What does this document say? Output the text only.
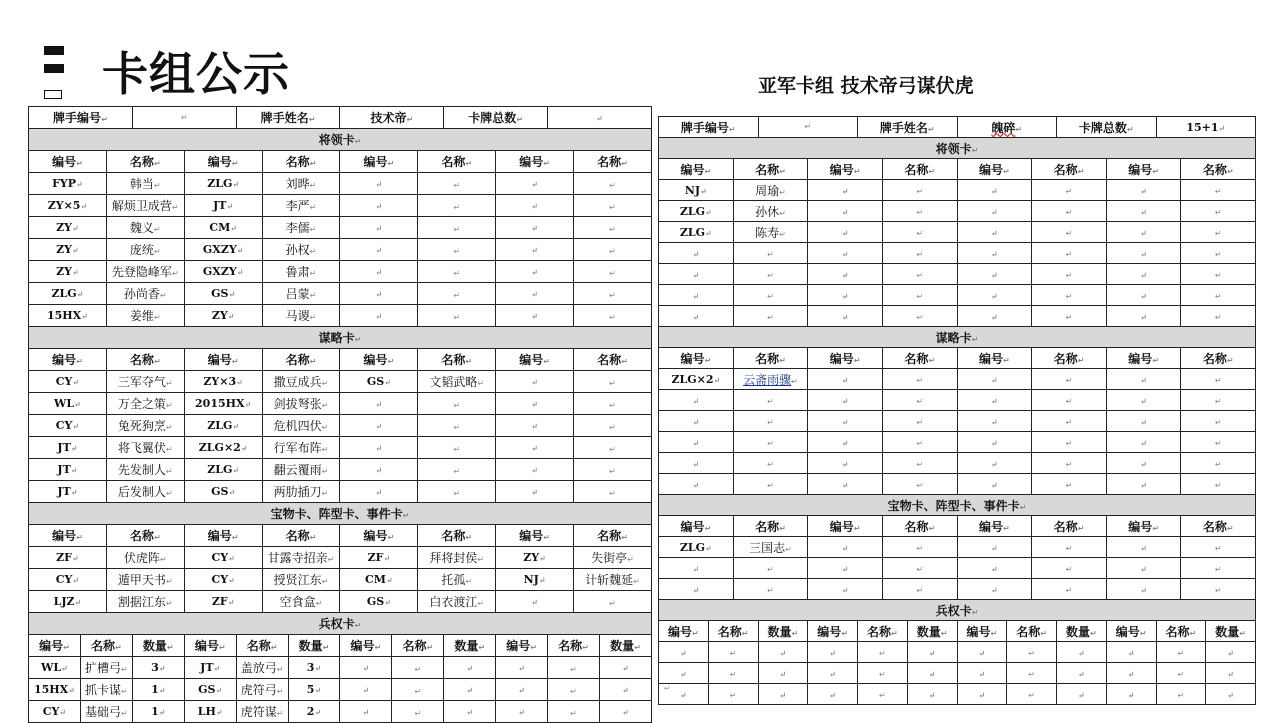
卡组公示	亚军卡组 技术帝弓谋伏虎
牌手编号↵			↵		牌手姓名↵			技术帝↵			卡牌总数↵		↵		
将领卡↵															
编号↵		名称↵		编号↵		名称↵		编号↵		名称↵		编号↵		名称↵	
FYP↵		韩当↵		ZLG↵		刘晔↵		↵		↵		↵		↵	
ZY×5↵		解烦卫成营↵		JT↵		李严↵		↵		↵		↵		↵	
ZY↵		魏义↵		CM↵		李儒↵		↵		↵		↵		↵	
ZY↵		庞统↵		GXZY↵		孙权↵		↵		↵		↵		↵	
ZY↵		先登隐峰军↵		GXZY↵		鲁肃↵		↵		↵		↵		↵	
ZLG↵		孙尚香↵		GS↵		吕蒙↵		↵		↵		↵		↵	
15HX↵		姜维↵		ZY↵		马谡↵		↵		↵		↵		↵	
谋略卡↵															
编号↵		名称↵		编号↵		名称↵		编号↵		名称↵		编号↵		名称↵	
CY↵		三军夺气↵		ZY×3↵		撒豆成兵↵		GS↵		文韬武略↵		↵		↵	
WL↵		万全之策↵		2015HX↵		剑拔弩张↵		↵		↵		↵		↵	
CY↵		兔死狗烹↵		ZLG↵		危机四伏↵		↵		↵		↵		↵	
JT↵		将飞翼伏↵		ZLG×2↵		行军布阵↵		↵		↵		↵		↵	
JT↵		先发制人↵		ZLG↵		翻云覆雨↵		↵		↵		↵		↵	
JT↵		后发制人↵		GS↵		两肋插刀↵		↵		↵		↵		↵	
宝物卡、阵型卡、事件卡↵															
编号↵		名称↵		编号↵		名称↵		编号↵		名称↵		编号↵		名称↵	
ZF↵		伏虎阵↵		CY↵		甘露寺招亲↵		ZF↵		拜将封侯↵		ZY↵		失街亭↵	
CY↵		遁甲天书↵		CY↵		授贤江东↵		CM↵		托孤↵		NJ↵		计斩魏延↵	
LJZ↵		割据江东↵		ZF↵		空食盒↵		GS↵		白衣渡江↵		↵		↵	
兵权卡↵															
编号↵	名称↵		数量↵	编号↵	名称↵		数量↵	编号↵	名称↵		数量↵	编号↵	名称↵		数量↵
WL↵	扩槽弓↵		3↵	JT↵	盖放弓↵		3↵	↵	↵		↵	↵	↵		↵
15HX↵	抓卡谋↵		1↵	GS↵	虎符弓↵		5↵	↵	↵		↵	↵	↵		↵
CY↵	基础弓↵		1↵	LH↵	虎符谋↵		2↵	↵	↵		↵	↵	↵		↵
牌手编号↵			↵		牌手姓名↵			魄碎↵			卡牌总数↵		15+1↵		
将领卡↵															
编号↵		名称↵		编号↵		名称↵		编号↵		名称↵		编号↵		名称↵	
NJ↵		周瑜↵		↵		↵		↵		↵		↵		↵	
ZLG↵		孙休↵		↵		↵		↵		↵		↵		↵	
ZLG↵		陈寿↵		↵		↵		↵		↵		↵		↵	
↵		↵		↵		↵		↵		↵		↵		↵	
↵		↵		↵		↵		↵		↵		↵		↵	
↵		↵		↵		↵		↵		↵		↵		↵	
↵		↵		↵		↵		↵		↵		↵		↵	
谋略卡↵															
编号↵		名称↵		编号↵		名称↵		编号↵		名称↵		编号↵		名称↵	
ZLG×2↵		云斋雨骤↵		↵		↵		↵		↵		↵		↵	
↵		↵		↵		↵		↵		↵		↵		↵	
↵		↵		↵		↵		↵		↵		↵		↵	
↵		↵		↵		↵		↵		↵		↵		↵	
↵		↵		↵		↵		↵		↵		↵		↵	
↵		↵		↵		↵		↵		↵		↵		↵	
宝物卡、阵型卡、事件卡↵															
编号↵		名称↵		编号↵		名称↵		编号↵		名称↵		编号↵		名称↵	
ZLG↵		三国志↵		↵		↵		↵		↵		↵		↵	
↵		↵		↵		↵		↵		↵		↵		↵	
↵		↵		↵		↵		↵		↵		↵		↵	
兵权卡↵															
编号↵	名称↵		数量↵	编号↵	名称↵		数量↵	编号↵	名称↵		数量↵	编号↵	名称↵		数量↵
↵	↵		↵	↵	↵		↵	↵	↵		↵	↵	↵		↵
↵	↵		↵	↵	↵		↵	↵	↵		↵	↵	↵		↵
↵	↵		↵	↵	↵		↵	↵	↵		↵	↵	↵		↵
↵
